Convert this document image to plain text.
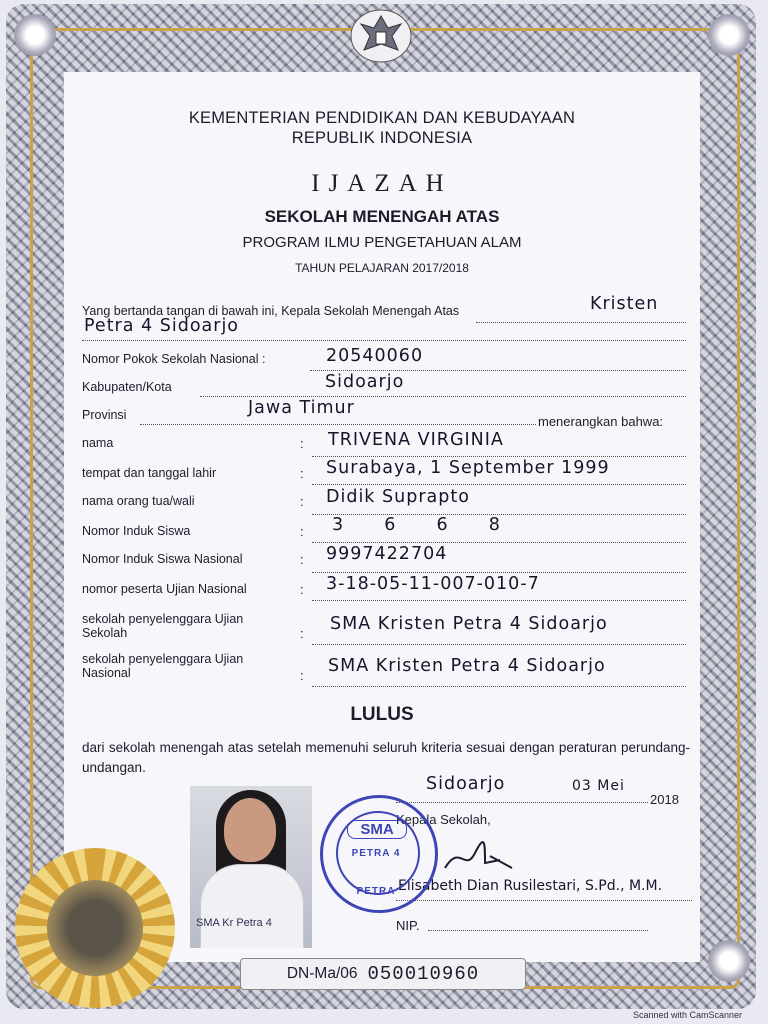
KEMENTERIAN PENDIDIKAN DAN KEBUDAYAAN
REPUBLIK INDONESIA
IJAZAH
SEKOLAH MENENGAH ATAS
PROGRAM ILMU PENGETAHUAN ALAM
TAHUN PELAJARAN 2017/2018
Yang bertanda tangan di bawah ini, Kepala Sekolah Menengah Atas	Kristen
Petra 4 Sidoarjo
Nomor Pokok Sekolah Nasional :	20540060
Kabupaten/Kota	Sidoarjo
Provinsi	Jawa Timur
menerangkan bahwa:
nama	: TRIVENA VIRGINIA
tempat dan tanggal lahir	: Surabaya, 1 September 1999
nama orang tua/wali	: Didik Suprapto
Nomor Induk Siswa	: 3  6  6  8
Nomor Induk Siswa Nasional	: 9997422704
nomor peserta Ujian Nasional	: 3-18-05-11-007-010-7
sekolah penyelenggara Ujian
Sekolah	: SMA Kristen Petra 4 Sidoarjo
sekolah penyelenggara Ujian
Nasional	: SMA Kristen Petra 4 Sidoarjo
LULUS
dari sekolah menengah atas setelah memenuhi seluruh kriteria sesuai dengan peraturan perundang-undangan.
Sidoarjo	03 Mei
2018
Kepala Sekolah,
Elisabeth Dian Rusilestari, S.Pd., M.M.
NIP.
SMA Kr Petra 4
SMA
PETRA 4
PETRA
DN-Ma/06 050010960
Scanned with CamScanner
